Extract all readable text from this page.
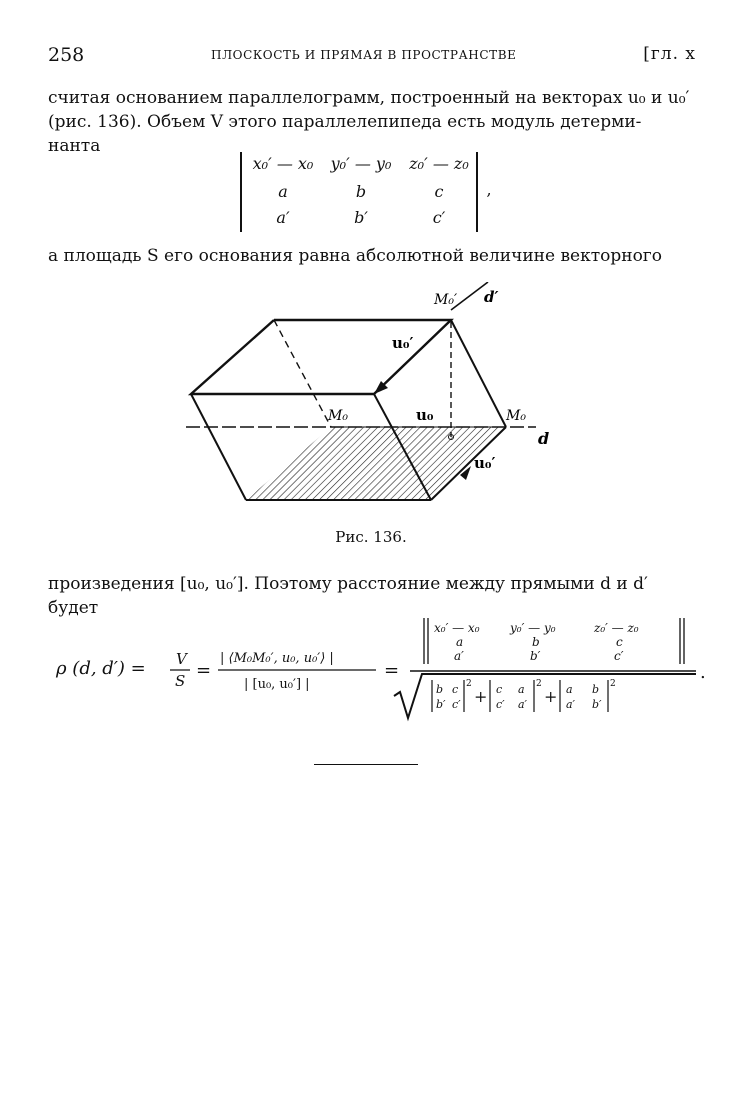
258	ПЛОСКОСТЬ И ПРЯМАЯ В ПРОСТРАНСТВЕ	[гл. х
считая основанием параллелограмм, построенный на векторах u₀ и u₀′
(рис. 136). Объем V этого параллелепипеда есть модуль детерми-
нанта
x₀′ — x₀	y₀′ — y₀	z₀′ — z₀
a	b	c
a′	b′	c′
,
а площадь S его основания равна абсолютной величине векторного
M₀′ d′
u₀′
M₀	u₀	M₀
d
u₀′
Рис. 136.
произведения [u₀, u₀′]. Поэтому расстояние между прямыми d и d′
будет
ρ (d, d′) = V
S =
| ⟨M₀M₀′, u₀, u₀′⟩ |
| [u₀, u₀′] |
=
x₀′ — x₀	y₀′ — y₀	z₀′ — z₀
a	b	c
a′	b′	c′
b c
b′ c′
2
+ c a
c′ a′
2
+ a b
a′ b′
2
.
